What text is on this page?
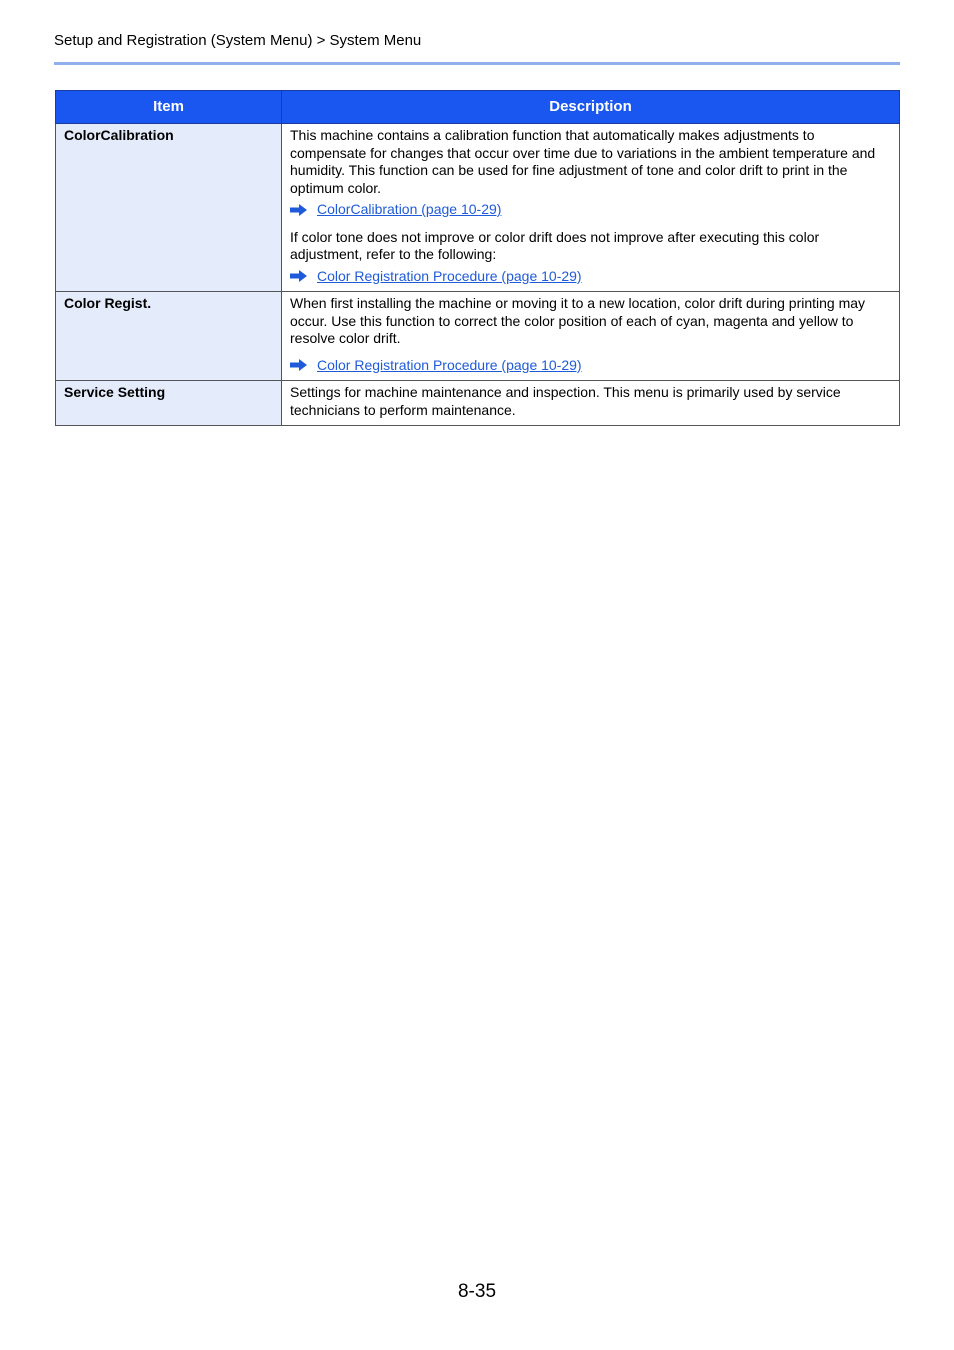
Setup and Registration (System Menu) > System Menu
Item	Description
ColorCalibration	This machine contains a calibration function that automatically makes adjustments to compensate for changes that occur over time due to variations in the ambient temperature and humidity. This function can be used for fine adjustment of tone and color drift to print in the optimum color.

ColorCalibration (page 10-29)

If color tone does not improve or color drift does not improve after executing this color adjustment, refer to the following:

Color Registration Procedure (page 10-29)

Color Regist.	When first installing the machine or moving it to a new location, color drift during printing may occur. Use this function to correct the color position of each of cyan, magenta and yellow to resolve color drift.

Color Registration Procedure (page 10-29)

Service Setting	Settings for machine maintenance and inspection. This menu is primarily used by service technicians to perform maintenance.

8-35
